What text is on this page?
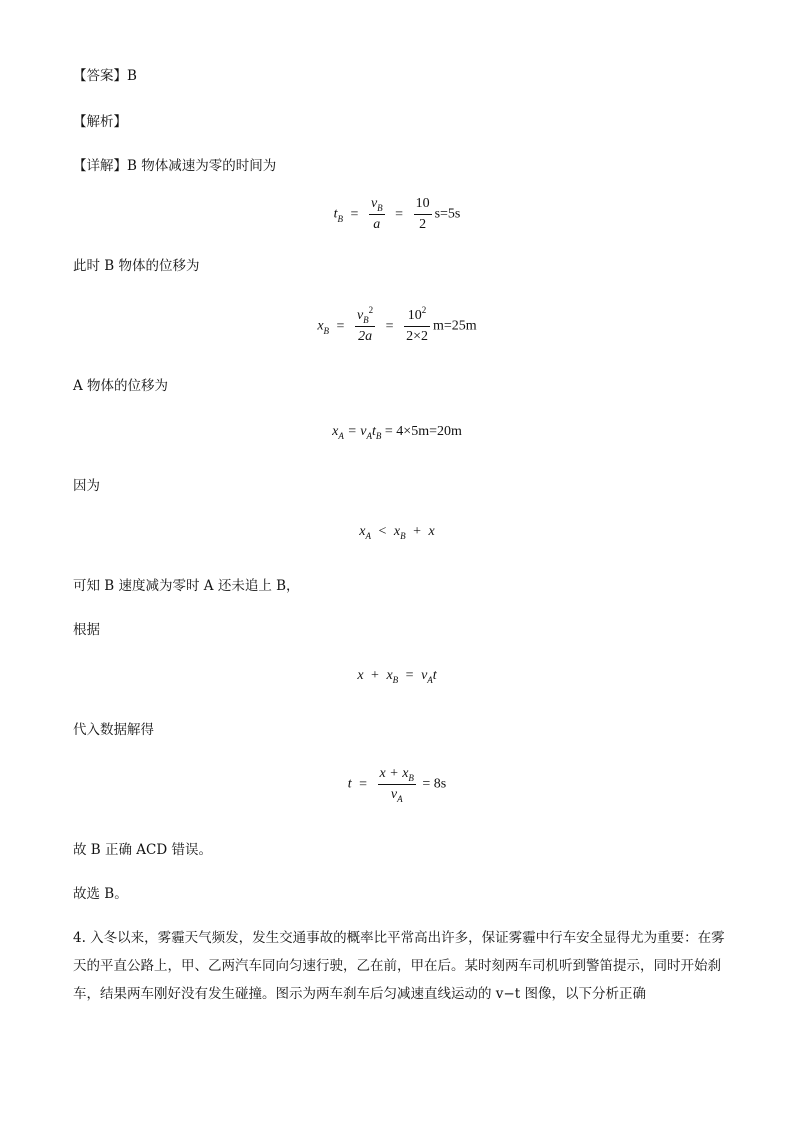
【答案】B
【解析】
【详解】B 物体减速为零的时间为
$t_B = \frac{v_B}{a} = \frac{10}{2} s=5s$
此时 B 物体的位移为
$x_B = \frac{v_B^2}{2a} = \frac{10^2}{2\times 2} m=25m$
A 物体的位移为
$x_A = v_At_B = 4\times 5m=20m$
因为
$x_A < x_B + x$
可知 B 速度减为零时 A 还未追上 B，
根据
$x + x_B = v_At$
代入数据解得
$t = \frac{x + x_B}{v_A} = 8s$
故 B 正确 ACD 错误。
故选 B。
4. 入冬以来，雾霾天气频发，发生交通事故的概率比平常高出许多，保证雾霾中行车安全显得尤为重要：在雾天的平直公路上，甲、乙两汽车同向匀速行驶，乙在前，甲在后。某时刻两车司机听到警笛提示，同时开始刹车，结果两车刚好没有发生碰撞。图示为两车刹车后匀减速直线运动的 v−t 图像，以下分析正确
